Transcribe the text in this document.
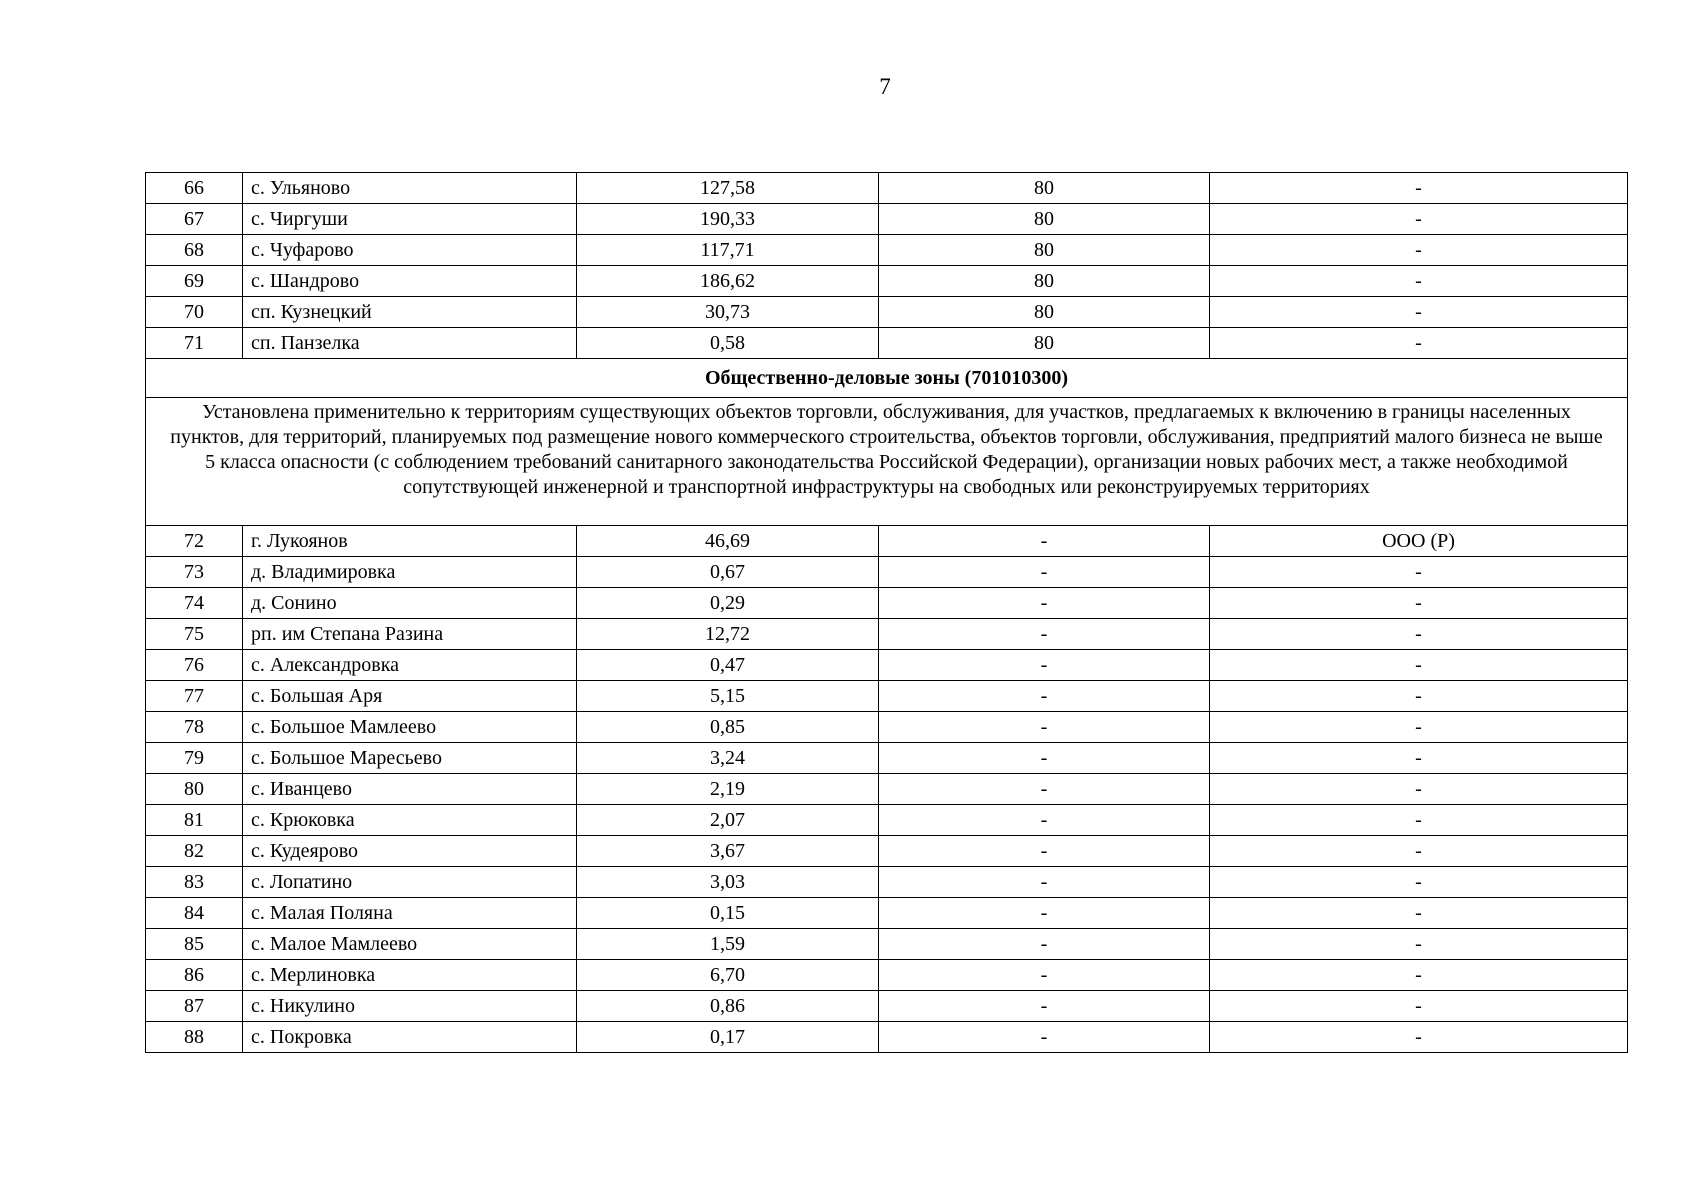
7
66	с. Ульяново	127,58	80	-
67	с. Чиргуши	190,33	80	-
68	с. Чуфарово	117,71	80	-
69	с. Шандрово	186,62	80	-
70	сп. Кузнецкий	30,73	80	-
71	сп. Панзелка	0,58	80	-
Общественно-деловые зоны (701010300)				
Установлена применительно к территориям существующих объектов торговли, обслуживания, для участков, предлагаемых к включению в границы населенных пунктов, для территорий, планируемых под размещение нового коммерческого строительства, объектов торговли, обслуживания, предприятий малого бизнеса не выше 5 класса опасности (с соблюдением требований санитарного законодательства Российской Федерации), организации новых рабочих мест, а также необходимой сопутствующей инженерной и транспортной инфраструктуры на свободных или реконструируемых территориях				
72	г. Лукоянов	46,69	-	ООО (Р)
73	д. Владимировка	0,67	-	-
74	д. Сонино	0,29	-	-
75	рп. им Степана Разина	12,72	-	-
76	с. Александровка	0,47	-	-
77	с. Большая Аря	5,15	-	-
78	с. Большое Мамлеево	0,85	-	-
79	с. Большое Маресьево	3,24	-	-
80	с. Иванцево	2,19	-	-
81	с. Крюковка	2,07	-	-
82	с. Кудеярово	3,67	-	-
83	с. Лопатино	3,03	-	-
84	с. Малая Поляна	0,15	-	-
85	с. Малое Мамлеево	1,59	-	-
86	с. Мерлиновка	6,70	-	-
87	с. Никулино	0,86	-	-
88	с. Покровка	0,17	-	-
